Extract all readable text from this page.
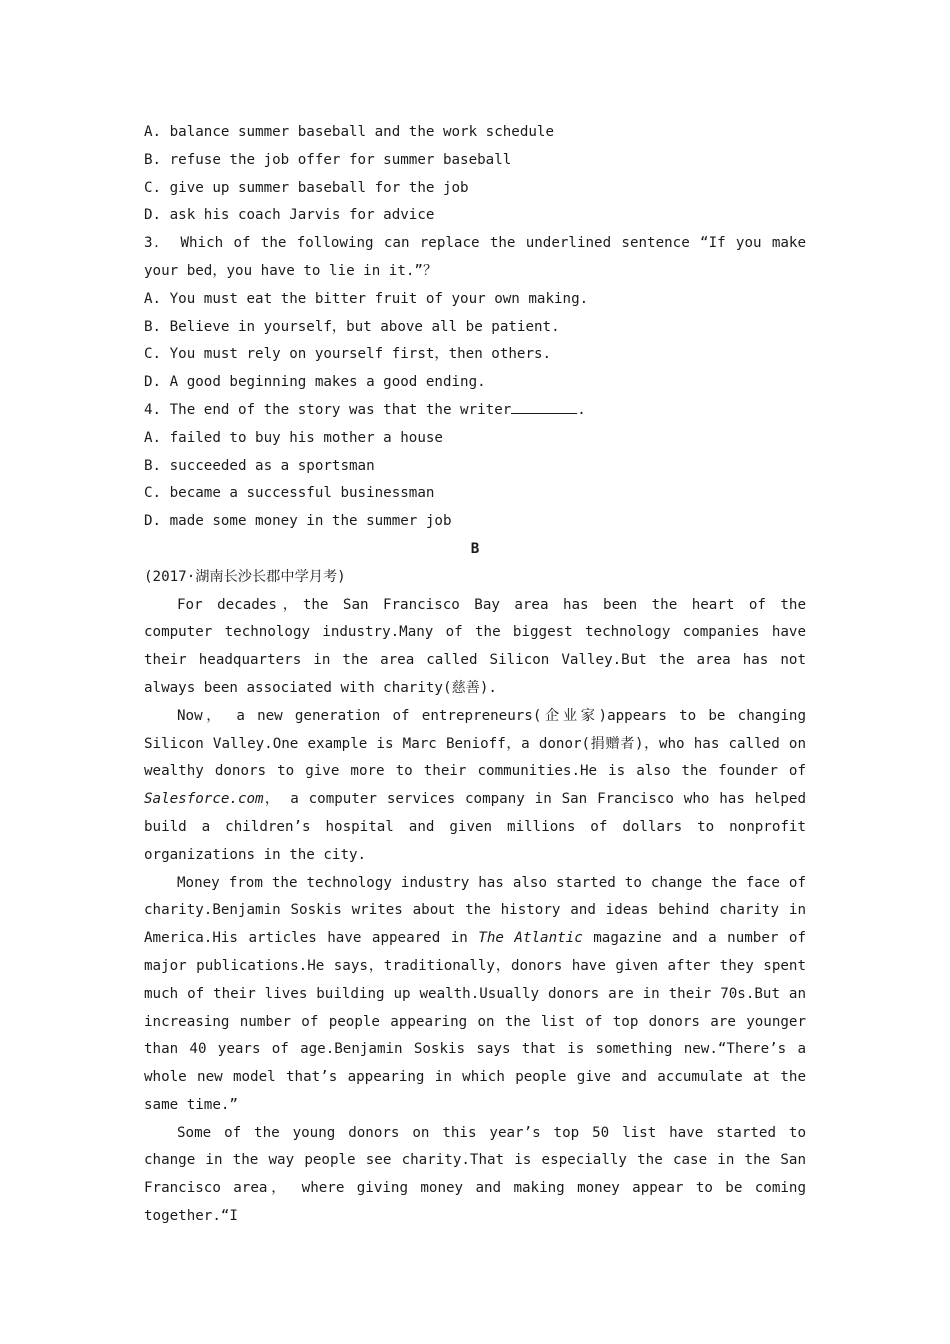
A. balance summer baseball and the work schedule
B. refuse the job offer for summer baseball
C. give up summer baseball for the job
D. ask his coach Jarvis for advice
3． Which of the following can replace the underlined sentence “If you make
your bed，you have to lie in it.”？
A. You must eat the bitter fruit of your own making.
B. Believe in yourself，but above all be patient.
C. You must rely on yourself first，then others.
D. A good beginning makes a good ending.
4. The end of the story was that the writer	.
A. failed to buy his mother a house
B. succeeded as a sportsman
C. became a successful businessman
D. made some money in the summer job
B
(2017·湖南长沙长郡中学月考)
For decades，the San Francisco Bay area has been the heart of the computer technology industry.Many of the biggest technology companies have their headquarters in the area called Silicon Valley.But the area has not always been associated with charity(慈善).
Now， a new generation of entrepreneurs(企业家)appears to be changing Silicon Valley.One example is Marc Benioff，a donor(捐赠者)，who has called on wealthy donors to give more to their communities.He is also the founder of Salesforce.com， a computer services company in San Francisco who has helped build a children’s hospital and given millions of dollars to nonprofit organizations in the city.
Money from the technology industry has also started to change the face of charity.Benjamin Soskis writes about the history and ideas behind charity in America.His articles have appeared in The Atlantic magazine and a number of major publications.He says，traditionally，donors have given after they spent much of their lives building up wealth.Usually donors are in their 70s.But an increasing number of people appearing on the list of top donors are younger than 40 years of age.Benjamin Soskis says that is something new.“There’s a whole new model that’s appearing in which people give and accumulate at the same time.”
Some of the young donors on this year’s top 50 list have started to change in the way people see charity.That is especially the case in the San Francisco area， where giving money and making money appear to be coming together.“I
